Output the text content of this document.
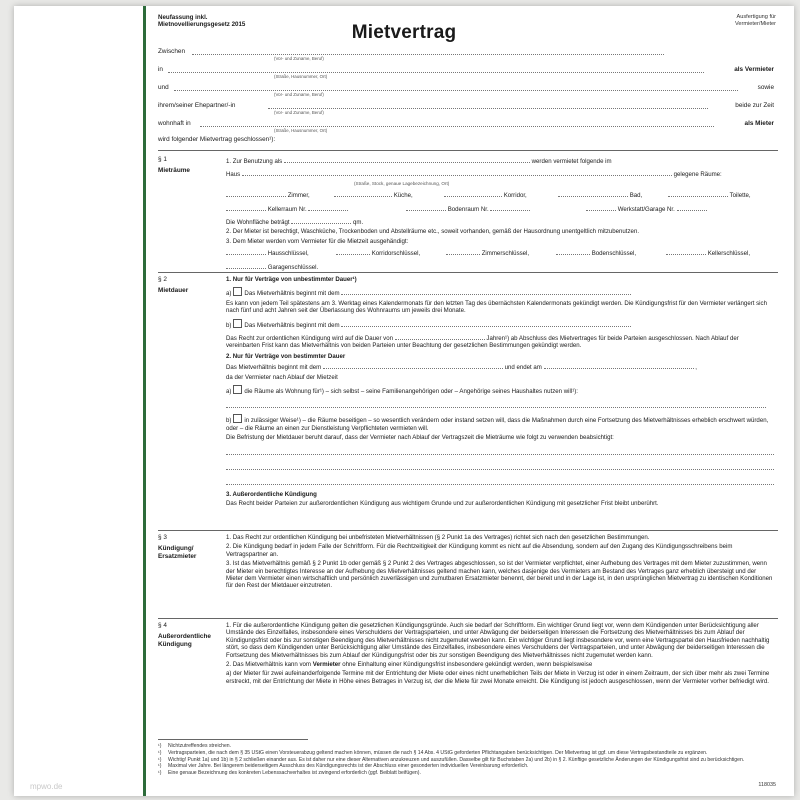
Neufassung inkl.
Mietnovellierungsgesetz 2015
Ausfertigung für
Vermieter/Mieter
Mietvertrag
Zwischen
(Vor- und Zuname, Beruf)
in
(Straße, Hausnummer, Ort)
als Vermieter
und
(Vor- und Zuname, Beruf)
sowie
ihrem/seiner Ehepartner/-in
(Vor- und Zuname, Beruf)
beide zur Zeit
wohnhaft in
(Straße, Hausnummer, Ort)
als Mieter
wird folgender Mietvertrag geschlossen¹):
§ 1
Mieträume

1. Zur Benutzung als	werden vermietet folgende im

Haus	gelegene Räume:

(Straße, Stock, genaue Lagebezeichnung, Ort)

Zimmer,	Küche,	Korridor,	Bad,	Toilette,

Kellerraum Nr.	Bodenraum Nr.	Werkstatt/Garage Nr.

Die Wohnfläche beträgt	qm.

2. Der Mieter ist berechtigt, Waschküche, Trockenboden und Abstellräume etc., soweit vorhanden, gemäß der Hausordnung unentgeltlich mitzubenutzen.

3. Dem Mieter werden vom Vermieter für die Mietzeit ausgehändigt:

Hausschlüssel,	Korridorschlüssel,	Zimmerschlüssel,	Bodenschlüssel,	Kellerschlüssel,
Garagenschlüssel.

§ 2
Mietdauer

1. Nur für Verträge von unbestimmter Dauer¹)

a) Das Mietverhältnis beginnt mit dem

Es kann von jedem Teil spätestens am 3. Werktag eines Kalendermonats für den letzten Tag des übernächsten Kalendermonats gekündigt werden. Die Kündigungsfrist für den Vermieter verlängert sich nach fünf und acht Jahren seit der Überlassung des Wohnraums um jeweils drei Monate.

b) Das Mietverhältnis beginnt mit dem

Das Recht zur ordentlichen Kündigung wird auf die Dauer von	Jahren¹) ab Abschluss des Mietvertrages für beide Parteien ausgeschlossen. Nach Ablauf der vereinbarten Frist kann das Mietverhältnis von beiden Parteien unter Beachtung der gesetzlichen Bestimmungen gekündigt werden.

2. Nur für Verträge von bestimmter Dauer

Das Mietverhältnis beginnt mit dem	und endet am	,

da der Vermieter nach Ablauf der Mietzeit

a) die Räume als Wohnung für¹) – sich selbst – seine Familienangehörigen oder – Angehörige seines Haushaltes nutzen will¹):

b) in zulässiger Weise¹) – die Räume beseitigen – so wesentlich verändern oder instand setzen will, dass die Maßnahmen durch eine Fortsetzung des Mietverhältnisses erheblich erschwert würden, oder – die Räume an einen zur Dienstleistung Verpflichteten vermieten will.

Die Befristung der Mietdauer beruht darauf, dass der Vermieter nach Ablauf der Vertragszeit die Mieträume wie folgt zu verwenden beabsichtigt:

3. Außerordentliche Kündigung

Das Recht beider Parteien zur außerordentlichen Kündigung aus wichtigem Grunde und zur außerordentlichen Kündigung mit gesetzlicher Frist bleibt unberührt.

§ 3
Kündigung/ Ersatzmieter

1. Das Recht zur ordentlichen Kündigung bei unbefristeten Mietverhältnissen (§ 2 Punkt 1a des Vertrages) richtet sich nach den gesetzlichen Bestimmungen.

2. Die Kündigung bedarf in jedem Falle der Schriftform. Für die Rechtzeitigkeit der Kündigung kommt es nicht auf die Absendung, sondern auf den Zugang des Kündigungsschreibens beim Vertragspartner an.

3. Ist das Mietverhältnis gemäß § 2 Punkt 1b oder gemäß § 2 Punkt 2 des Vertrages abgeschlossen, so ist der Vermieter verpflichtet, einer Aufhebung des Vertrages mit dem Mieter zuzustimmen, wenn der Mieter ein berechtigtes Interesse an der Aufhebung des Mietverhältnisses geltend machen kann, welches dasjenige des Vermieters am Bestand des Vertrages ganz erheblich übersteigt und der Mieter dem Vermieter einen wirtschaftlich und persönlich zuverlässigen und zumutbaren Ersatzmieter benennt, der bereit und in der Lage ist, in den ursprünglichen Mietvertrag zu identischen Konditionen für den Rest der Mietdauer einzutreten.

§ 4
Außerordentliche Kündigung

1. Für die außerordentliche Kündigung gelten die gesetzlichen Kündigungsgründe. Auch sie bedarf der Schriftform. Ein wichtiger Grund liegt vor, wenn dem Kündigenden unter Berücksichtigung aller Umstände des Einzelfalles, insbesondere eines Verschuldens der Vertragsparteien, und unter Abwägung der beiderseitigen Interessen die Fortsetzung des Mietverhältnisses bis zum Ablauf der Kündigungsfrist oder bis zur sonstigen Beendigung des Mietverhältnisses nicht zugemutet werden kann. Ein wichtiger Grund liegt insbesondere vor, wenn eine Vertragspartei den Hausfrieden nachhaltig stört, so dass dem Kündigenden unter Berücksichtigung aller Umstände des Einzelfalles, insbesondere eines Verschuldens der Vertragsparteien, und unter Abwägung der beiderseitigen Interessen die Fortsetzung des Mietverhältnisses bis zum Ablauf der Kündigungsfrist oder bis zur sonstigen Beendigung des Mietverhältnisses nicht zugemutet werden kann.

2. Das Mietverhältnis kann vom Vermieter ohne Einhaltung einer Kündigungsfrist insbesondere gekündigt werden, wenn beispielsweise

a) der Mieter für zwei aufeinanderfolgende Termine mit der Entrichtung der Miete oder eines nicht unerheblichen Teils der Miete in Verzug ist oder in einem Zeitraum, der sich über mehr als zwei Termine erstreckt, mit der Entrichtung der Miete in Höhe eines Betrages in Verzug ist, der die Miete für zwei Monate erreicht. Die Kündigung ist jedoch ausgeschlossen, wenn der Vermieter vorher befriedigt wird.

¹)	Nichtzutreffendes streichen.
¹)	Vertragsparteien, die nach dem § 35 UStG einen Vorsteuerabzug geltend machen können, müssen die nach § 14 Abs. 4 UStG geforderten Pflichtangaben berücksichtigen. Der Mietvertrag ist ggf. um diese Vertragsbestandteile zu ergänzen.
¹)	Wichtig! Punkt 1a) und 1b) in § 2 schließen einander aus. Es ist daher nur eine dieser Alternativen anzukreuzen und auszufüllen. Dasselbe gilt für Buchstaben 2a) und 2b) in § 2. Künftige gesetzliche Änderungen der Kündigungsfrist sind zu berücksichtigen.
¹)	Maximal vier Jahre. Bei längerem beiderseitigem Ausschluss des Kündigungsrechts ist der Abschluss einer gesonderten individuellen Vereinbarung erforderlich.
¹)	Eine genaue Bezeichnung des konkreten Lebenssachverhaltes ist zwingend erforderlich (ggf. Beiblatt beifügen).
118035
mpwo.de
